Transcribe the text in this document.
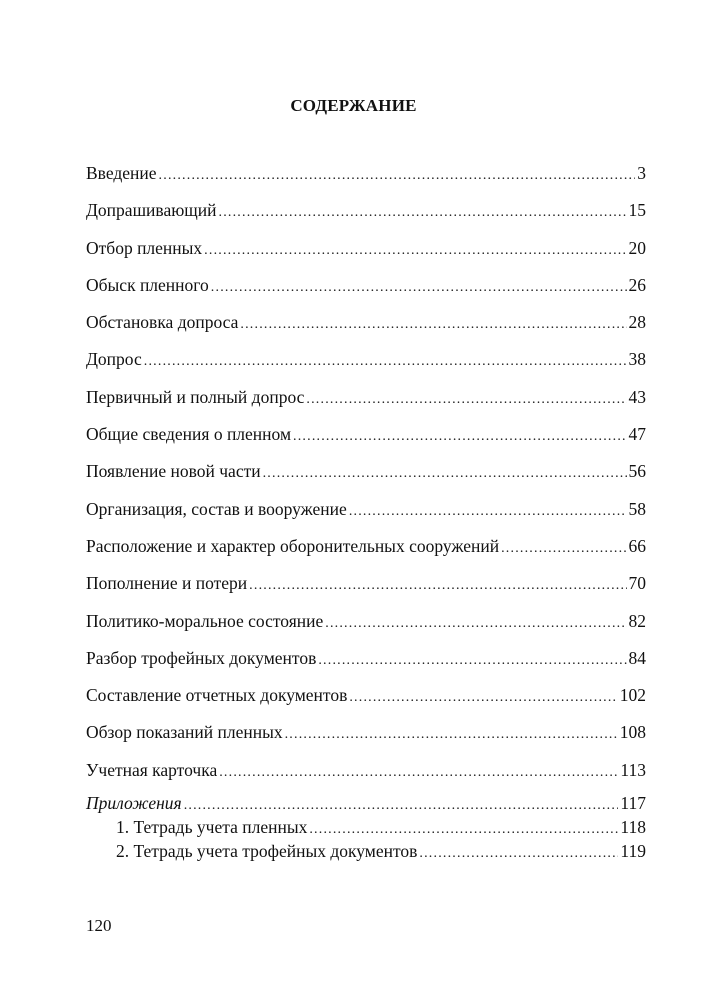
СОДЕРЖАНИЕ
Введение .....	3
Допрашивающий .....	15
Отбор пленных .....	20
Обыск пленного .....	26
Обстановка допроса .....	28
Допрос .....	38
Первичный и полный допрос .....	43
Общие сведения о пленном .....	47
Появление новой части .....	56
Организация, состав и вооружение .....	58
Расположение и характер оборонительных сооружений .....	66
Пополнение и потери .....	70
Политико-моральное состояние .....	82
Разбор трофейных документов .....	84
Составление отчетных документов .....	102
Обзор показаний пленных .....	108
Учетная карточка .....	113
Приложения .....	117
1. Тетрадь учета пленных .....	118
2. Тетрадь учета трофейных документов .....	119
120
